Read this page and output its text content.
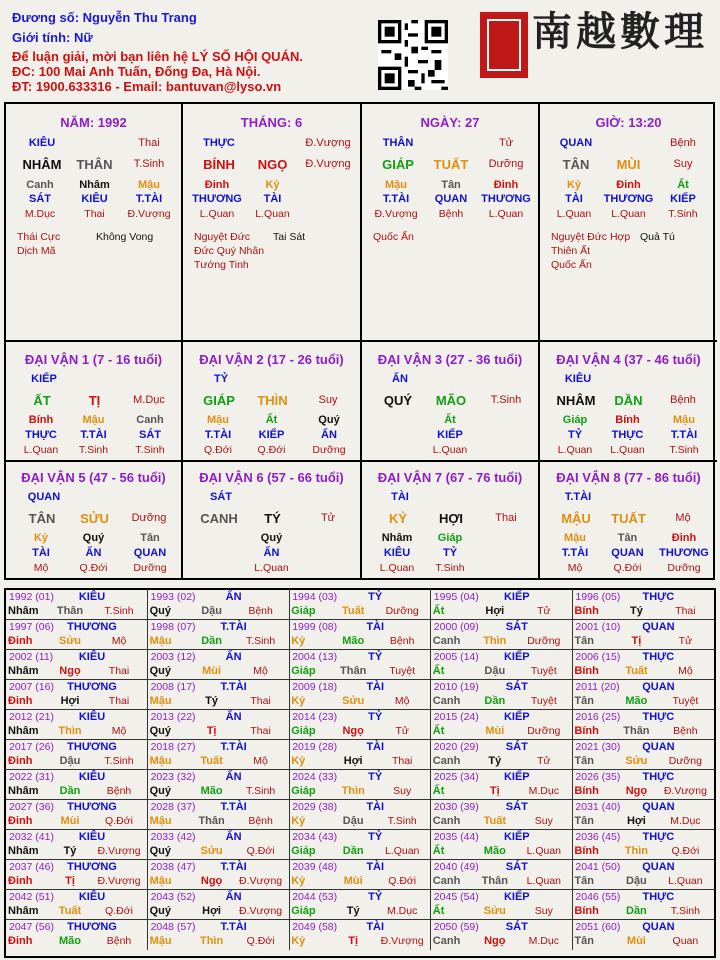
Đương số: Nguyễn Thu Trang
Giới tính: Nữ
Để luận giải, mời bạn liên hệ LÝ SỐ HỘI QUÁN.
ĐC: 100 Mai Anh Tuấn, Đống Đa, Hà Nội.
ĐT: 1900.633316 - Email: bantuvan@lyso.vn
南越數理
NĂM: 1992
KIÊU	Thai
NHÂM	THÂN	T.Sinh
Canh	Nhâm	Mậu
SÁT	KIÊU	T.TÀI
M.Dục	Thai	Đ.Vượng
Thái Cực
Dịch Mã
Không Vong
THÁNG: 6
THỰC	Đ.Vượng
BÍNH	NGỌ	Đ.Vượng
Đinh	Kỷ
THƯƠNG	TÀI
L.Quan	L.Quan
Nguyệt Đức
Đức Quý Nhân
Tướng Tinh
Tai Sát
NGÀY: 27
THÂN	Tử
GIÁP	TUẤT	Dưỡng
Mậu	Tân	Đinh
T.TÀI	QUAN	THƯƠNG
Đ.Vượng	Bệnh	L.Quan
Quốc Ấn
GIỜ: 13:20
QUAN	Bệnh
TÂN	MÙI	Suy
Kỷ	Đinh	Ất
TÀI	THƯƠNG	KIẾP
L.Quan	L.Quan	T.Sinh
Nguyệt Đức Hợp
Thiên Ất
Quốc Ấn
Quả Tú
ĐẠI VẬN 1 (7 - 16 tuổi)
KIẾP
ẤT	TỊ	M.Dục
Bính	Mậu	Canh
THỰC	T.TÀI	SÁT
L.Quan	T.Sinh	T.Sinh
ĐẠI VẬN 2 (17 - 26 tuổi)
TỶ
GIÁP	THÌN	Suy
Mậu	Ất	Quý
T.TÀI	KIẾP	ẤN
Q.Đới	Q.Đới	Dưỡng
ĐẠI VẬN 3 (27 - 36 tuổi)
ẤN
QUÝ	MÃO	T.Sinh
Ất
KIẾP
L.Quan
ĐẠI VẬN 4 (37 - 46 tuổi)
KIÊU
NHÂM	DẦN	Bệnh
Giáp	Bính	Mậu
TỶ	THỰC	T.TÀI
L.Quan	L.Quan	T.Sinh
ĐẠI VẬN 5 (47 - 56 tuổi)
QUAN
TÂN	SỬU	Dưỡng
Kỷ	Quý	Tân
TÀI	ẤN	QUAN
Mộ	Q.Đới	Dưỡng
ĐẠI VẬN 6 (57 - 66 tuổi)
SÁT
CANH	TÝ	Tử
Quý
ẤN
L.Quan
ĐẠI VẬN 7 (67 - 76 tuổi)
TÀI
KỶ	HỢI	Thai
Nhâm	Giáp
KIÊU	TỶ
L.Quan	T.Sinh
ĐẠI VẬN 8 (77 - 86 tuổi)
T.TÀI
MẬU	TUẤT	Mộ
Mậu	Tân	Đinh
T.TÀI	QUAN	THƯƠNG
Mộ	Q.Đới	Dưỡng
1992 (01)	KIÊU
Nhâm	Thân	T.Sinh
1993 (02)	ẤN
Quý	Dậu	Bệnh
1994 (03)	TỶ
Giáp	Tuất	Dưỡng
1995 (04)	KIẾP
Ất	Hợi	Tử
1996 (05)	THỰC
Bính	Tý	Thai
1997 (06)	THƯƠNG
Đinh	Sửu	Mộ
1998 (07)	T.TÀI
Mậu	Dần	T.Sinh
1999 (08)	TÀI
Kỷ	Mão	Bệnh
2000 (09)	SÁT
Canh	Thìn	Dưỡng
2001 (10)	QUAN
Tân	Tị	Tử
2002 (11)	KIÊU
Nhâm	Ngọ	Thai
2003 (12)	ẤN
Quý	Mùi	Mộ
2004 (13)	TỶ
Giáp	Thân	Tuyệt
2005 (14)	KIẾP
Ất	Dậu	Tuyệt
2006 (15)	THỰC
Bính	Tuất	Mộ
2007 (16)	THƯƠNG
Đinh	Hợi	Thai
2008 (17)	T.TÀI
Mậu	Tý	Thai
2009 (18)	TÀI
Kỷ	Sửu	Mộ
2010 (19)	SÁT
Canh	Dần	Tuyệt
2011 (20)	QUAN
Tân	Mão	Tuyệt
2012 (21)	KIÊU
Nhâm	Thìn	Mộ
2013 (22)	ẤN
Quý	Tị	Thai
2014 (23)	TỶ
Giáp	Ngọ	Tử
2015 (24)	KIẾP
Ất	Mùi	Dưỡng
2016 (25)	THỰC
Bính	Thân	Bệnh
2017 (26)	THƯƠNG
Đinh	Dậu	T.Sinh
2018 (27)	T.TÀI
Mậu	Tuất	Mộ
2019 (28)	TÀI
Kỷ	Hợi	Thai
2020 (29)	SÁT
Canh	Tý	Tử
2021 (30)	QUAN
Tân	Sửu	Dưỡng
2022 (31)	KIÊU
Nhâm	Dần	Bệnh
2023 (32)	ẤN
Quý	Mão	T.Sinh
2024 (33)	TỶ
Giáp	Thìn	Suy
2025 (34)	KIẾP
Ất	Tị	M.Dục
2026 (35)	THỰC
Bính	Ngọ	Đ.Vượng
2027 (36)	THƯƠNG
Đinh	Mùi	Q.Đới
2028 (37)	T.TÀI
Mậu	Thân	Bệnh
2029 (38)	TÀI
Kỷ	Dậu	T.Sinh
2030 (39)	SÁT
Canh	Tuất	Suy
2031 (40)	QUAN
Tân	Hợi	M.Dục
2032 (41)	KIÊU
Nhâm	Tý	Đ.Vượng
2033 (42)	ẤN
Quý	Sửu	Q.Đới
2034 (43)	TỶ
Giáp	Dần	L.Quan
2035 (44)	KIẾP
Ất	Mão	L.Quan
2036 (45)	THỰC
Bính	Thìn	Q.Đới
2037 (46)	THƯƠNG
Đinh	Tị	Đ.Vượng
2038 (47)	T.TÀI
Mậu	Ngọ	Đ.Vượng
2039 (48)	TÀI
Kỷ	Mùi	Q.Đới
2040 (49)	SÁT
Canh	Thân	L.Quan
2041 (50)	QUAN
Tân	Dậu	L.Quan
2042 (51)	KIÊU
Nhâm	Tuất	Q.Đới
2043 (52)	ẤN
Quý	Hợi	Đ.Vượng
2044 (53)	TỶ
Giáp	Tý	M.Dục
2045 (54)	KIẾP
Ất	Sửu	Suy
2046 (55)	THỰC
Bính	Dần	T.Sinh
2047 (56)	THƯƠNG
Đinh	Mão	Bệnh
2048 (57)	T.TÀI
Mậu	Thìn	Q.Đới
2049 (58)	TÀI
Kỷ	Tị	Đ.Vượng
2050 (59)	SÁT
Canh	Ngọ	M.Dục
2051 (60)	QUAN
Tân	Mùi	Quan
